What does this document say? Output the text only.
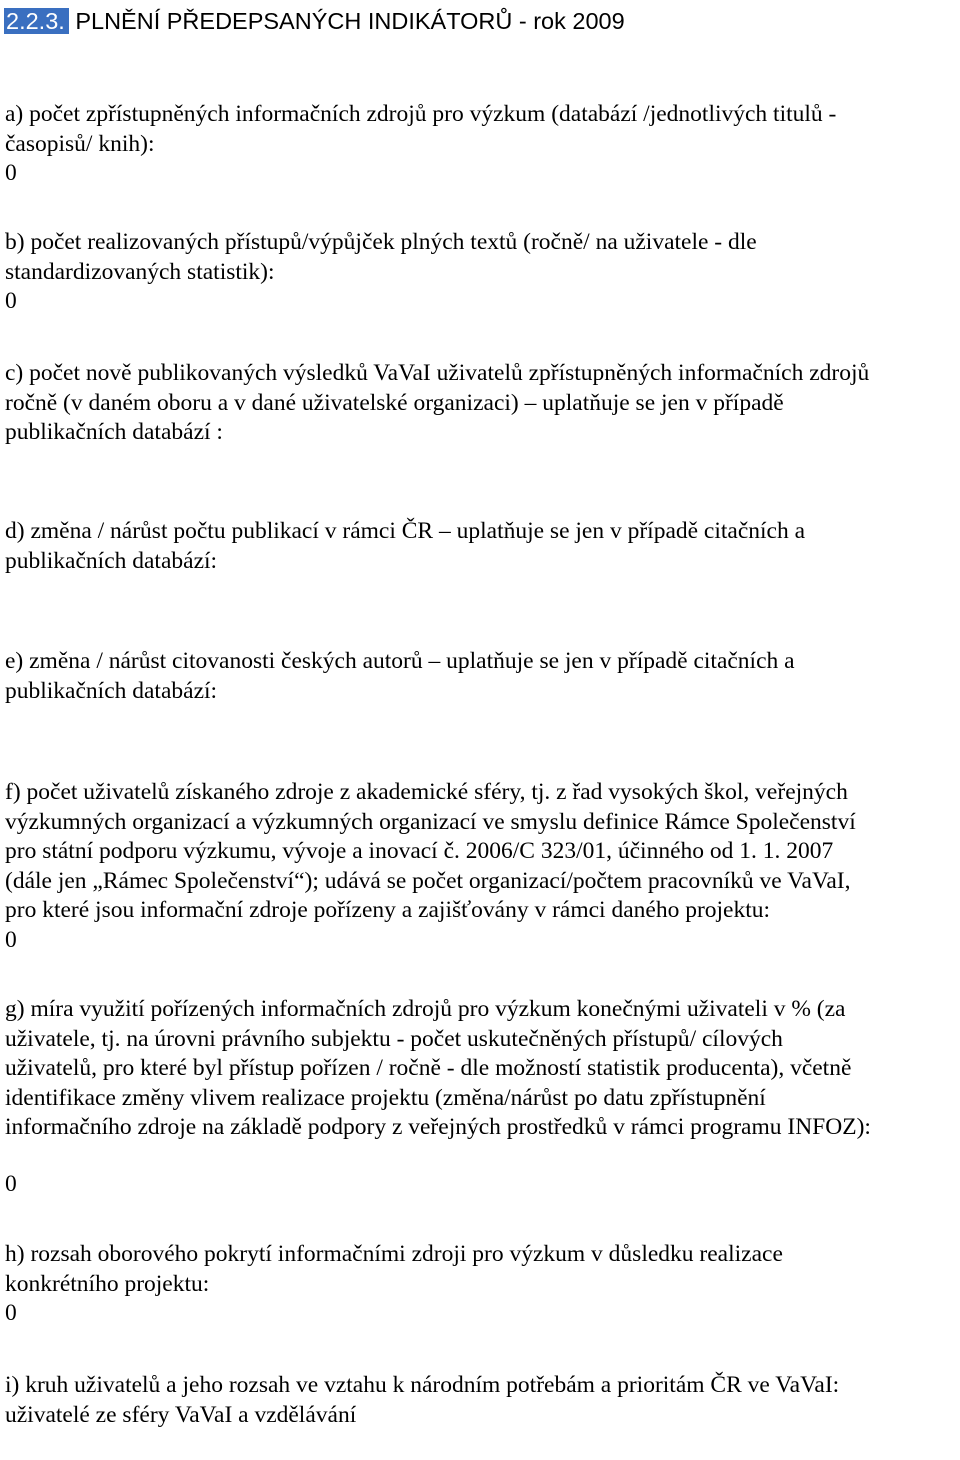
2.2.3. PLNĚNÍ PŘEDEPSANÝCH INDIKÁTORŮ - rok 2009
a) počet zpřístupněných informačních zdrojů pro výzkum (databází /jednotlivých titulů -
časopisů/ knih):
0
b) počet realizovaných přístupů/výpůjček plných textů (ročně/ na uživatele - dle
standardizovaných statistik):
0
c) počet nově publikovaných výsledků VaVaI uživatelů zpřístupněných informačních zdrojů
ročně (v daném oboru a v dané uživatelské organizaci) – uplatňuje se jen v případě
publikačních databází :
d) změna / nárůst počtu publikací v rámci ČR – uplatňuje se jen v případě citačních a
publikačních databází:
e) změna / nárůst citovanosti českých autorů – uplatňuje se jen v případě citačních a
publikačních databází:
f) počet uživatelů získaného zdroje z akademické sféry, tj. z řad vysokých škol, veřejných
výzkumných organizací a výzkumných organizací ve smyslu definice Rámce Společenství
pro státní podporu výzkumu, vývoje a inovací č. 2006/C 323/01, účinného od 1. 1. 2007
(dále jen „Rámec Společenství“); udává se počet organizací/počtem pracovníků ve VaVaI,
pro které jsou informační zdroje pořízeny a zajišťovány v rámci daného projektu:
0
g) míra využití pořízených informačních zdrojů pro výzkum konečnými uživateli v % (za
uživatele, tj. na úrovni právního subjektu - počet uskutečněných přístupů/ cílových
uživatelů, pro které byl přístup pořízen / ročně - dle možností statistik producenta), včetně
identifikace změny vlivem realizace projektu (změna/nárůst po datu zpřístupnění
informačního zdroje na základě podpory z veřejných prostředků v rámci programu INFOZ):
0
h) rozsah oborového pokrytí informačními zdroji pro výzkum v důsledku realizace
konkrétního projektu:
0
i) kruh uživatelů a jeho rozsah ve vztahu k národním potřebám a prioritám ČR ve VaVaI:
uživatelé ze sféry VaVaI a vzdělávání
